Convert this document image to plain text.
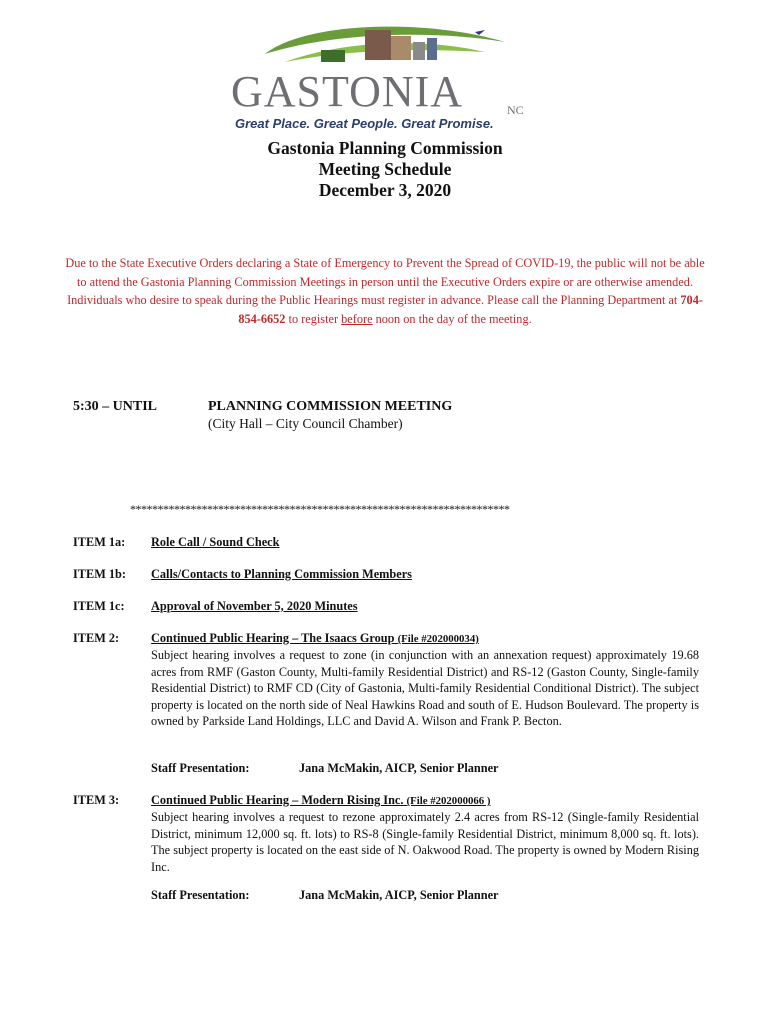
GASTONIA	NC
Great Place. Great People. Great Promise.
Gastonia Planning Commission
Meeting Schedule
December 3, 2020
Due to the State Executive Orders declaring a State of Emergency to Prevent the Spread of COVID-19, the public will not be able to attend the Gastonia Planning Commission Meetings in person until the Executive Orders expire or are otherwise amended. Individuals who desire to speak during the Public Hearings must register in advance. Please call the Planning Department at 704-854-6652 to register before noon on the day of the meeting.
5:30 – UNTIL	PLANNING COMMISSION MEETING
(City Hall – City Council Chamber)
*********************************************************************
ITEM 1a: Role Call / Sound Check
ITEM 1b: Calls/Contacts to Planning Commission Members
ITEM 1c: Approval of November 5, 2020 Minutes
ITEM 2:	Continued Public Hearing – The Isaacs Group (File #202000034)
Subject hearing involves a request to zone (in conjunction with an annexation request) approximately 19.68 acres from RMF (Gaston County, Multi-family Residential District) and RS-12 (Gaston County, Single-family Residential District) to RMF CD (City of Gastonia, Multi-family Residential Conditional District). The subject property is located on the north side of Neal Hawkins Road and south of E. Hudson Boulevard. The property is owned by Parkside Land Holdings, LLC and David A. Wilson and Frank P. Becton.
Staff Presentation:	Jana McMakin, AICP, Senior Planner
ITEM 3:	Continued Public Hearing – Modern Rising Inc. (File #202000066 )
Subject hearing involves a request to rezone approximately 2.4 acres from RS-12 (Single-family Residential District, minimum 12,000 sq. ft. lots) to RS-8 (Single-family Residential District, minimum 8,000 sq. ft. lots). The subject property is located on the east side of N. Oakwood Road. The property is owned by Modern Rising Inc.
Staff Presentation:	Jana McMakin, AICP, Senior Planner
